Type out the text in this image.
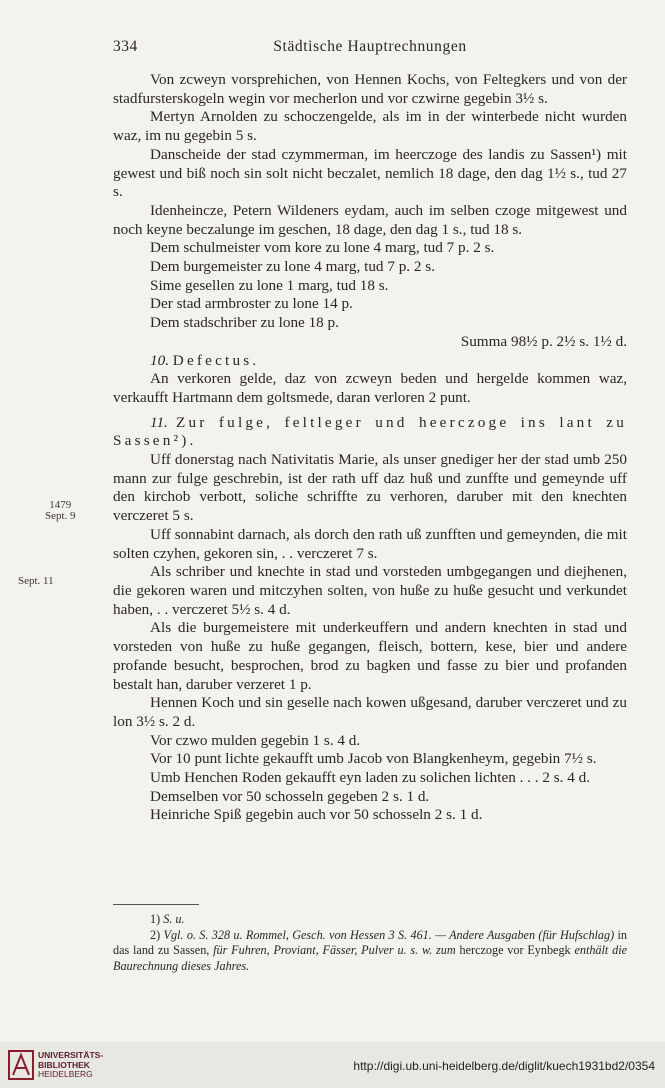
334	Städtische Hauptrechnungen
1479
Sept. 9
Sept. 11
Von zcweyn vorsprehichen, von Hennen Kochs, von Feltegkers und von der stadfursterskogeln wegin vor mecherlon und vor czwirne gegebin 3½ s.
Mertyn Arnolden zu schoczengelde, als im in der winterbede nicht wurden waz, im nu gegebin 5 s.
Danscheide der stad czymmerman, im heerczoge des landis zu Sassen¹) mit gewest und biß noch sin solt nicht beczalet, nemlich 18 dage, den dag 1½ s., tud 27 s.
Idenheincze, Petern Wildeners eydam, auch im selben czoge mitgewest und noch keyne beczalunge im geschen, 18 dage, den dag 1 s., tud 18 s.
Dem schulmeister vom kore zu lone 4 marg, tud 7 p. 2 s.
Dem burgemeister zu lone 4 marg, tud 7 p. 2 s.
Sime gesellen zu lone 1 marg, tud 18 s.
Der stad armbroster zu lone 14 p.
Dem stadschriber zu lone 18 p.
Summa 98½ p. 2½ s. 1½ d.
10. Defectus.
An verkoren gelde, daz von zcweyn beden und hergelde kommen waz, verkaufft Hartmann dem goltsmede, daran verloren 2 punt.
11. Zur fulge, feltleger und heerczoge ins lant zu Sassen²).
Uff donerstag nach Nativitatis Marie, als unser gnediger her der stad umb 250 mann zur fulge geschrebin, ist der rath uff daz huß und zunffte und gemeynde uff den kirchob verbott, soliche schriffte zu verhoren, daruber mit den knechten verczeret 5 s.
Uff sonnabint darnach, als dorch den rath uß zunfften und gemeynden, die mit solten czyhen, gekoren sin, . . verczeret 7 s.
Als schriber und knechte in stad und vorsteden umbgegangen und diejhenen, die gekoren waren und mitczyhen solten, von huße zu huße gesucht und verkundet haben, . . verczeret 5½ s. 4 d.
Als die burgemeistere mit underkeuffern und andern knechten in stad und vorsteden von huße zu huße gegangen, fleisch, bottern, kese, bier und andere profande besucht, besprochen, brod zu bagken und fasse zu bier und profanden bestalt han, daruber verzeret 1 p.
Hennen Koch und sin geselle nach kowen ußgesand, daruber verczeret und zu lon 3½ s. 2 d.
Vor czwo mulden gegebin 1 s. 4 d.
Vor 10 punt lichte gekaufft umb Jacob von Blangkenheym, gegebin 7½ s.
Umb Henchen Roden gekaufft eyn laden zu solichen lichten . . . 2 s. 4 d.
Demselben vor 50 schosseln gegeben 2 s. 1 d.
Heinriche Spiß gegebin auch vor 50 schosseln 2 s. 1 d.
1) S. u.
2) Vgl. o. S. 328 u. Rommel, Gesch. von Hessen 3 S. 461. — Andere Ausgaben (für Hufschlag) in das land zu Sassen, für Fuhren, Proviant, Fässer, Pulver u. s. w. zum herczoge vor Eynbegk enthält die Baurechnung dieses Jahres.
UNIVERSITÄTS-
BIBLIOTHEK
HEIDELBERG
http://digi.ub.uni-heidelberg.de/diglit/kuech1931bd2/0354
